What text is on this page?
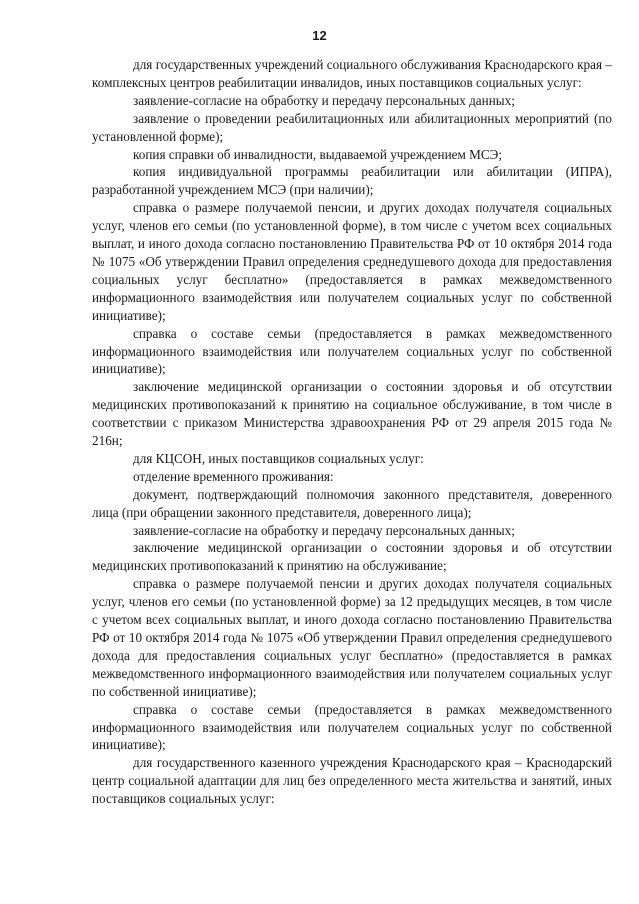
12

для государственных учреждений социального обслуживания Краснодарского края – комплексных центров реабилитации инвалидов, иных поставщиков социальных услуг:

заявление-согласие на обработку и передачу персональных данных;

заявление о проведении реабилитационных или абилитационных мероприятий (по установленной форме);

копия справки об инвалидности, выдаваемой учреждением МСЭ;

копия индивидуальной программы реабилитации или абилитации (ИПРА), разработанной учреждением МСЭ (при наличии);

справка о размере получаемой пенсии, и других доходах получателя социальных услуг, членов его семьи (по установленной форме), в том числе с учетом всех социальных выплат, и иного дохода согласно постановлению Правительства РФ от 10 октября 2014 года № 1075 «Об утверждении Правил определения среднедушевого дохода для предоставления социальных услуг бесплатно» (предоставляется в рамках межведомственного информационного взаимодействия или получателем социальных услуг по собственной инициативе);

справка о составе семьи (предоставляется в рамках межведомственного информационного взаимодействия или получателем социальных услуг по собственной инициативе);

заключение медицинской организации о состоянии здоровья и об отсутствии медицинских противопоказаний к принятию на социальное обслуживание, в том числе в соответствии с приказом Министерства здравоохранения РФ от 29 апреля 2015 года № 216н;

для КЦСОН, иных поставщиков социальных услуг:

отделение временного проживания:

документ, подтверждающий полномочия законного представителя, доверенного лица (при обращении законного представителя, доверенного лица);

заявление-согласие на обработку и передачу персональных данных;

заключение медицинской организации о состоянии здоровья и об отсутствии медицинских противопоказаний к принятию на обслуживание;

справка о размере получаемой пенсии и других доходах получателя социальных услуг, членов его семьи (по установленной форме) за 12 предыдущих месяцев, в том числе с учетом всех социальных выплат, и иного дохода согласно постановлению Правительства РФ от 10 октября 2014 года № 1075 «Об утверждении Правил определения среднедушевого дохода для предоставления социальных услуг бесплатно» (предоставляется в рамках межведомственного информационного взаимодействия или получателем социальных услуг по собственной инициативе);

справка о составе семьи (предоставляется в рамках межведомственного информационного взаимодействия или получателем социальных услуг по собственной инициативе);

для государственного казенного учреждения Краснодарского края – Краснодарский центр социальной адаптации для лиц без определенного места жительства и занятий, иных поставщиков социальных услуг:
